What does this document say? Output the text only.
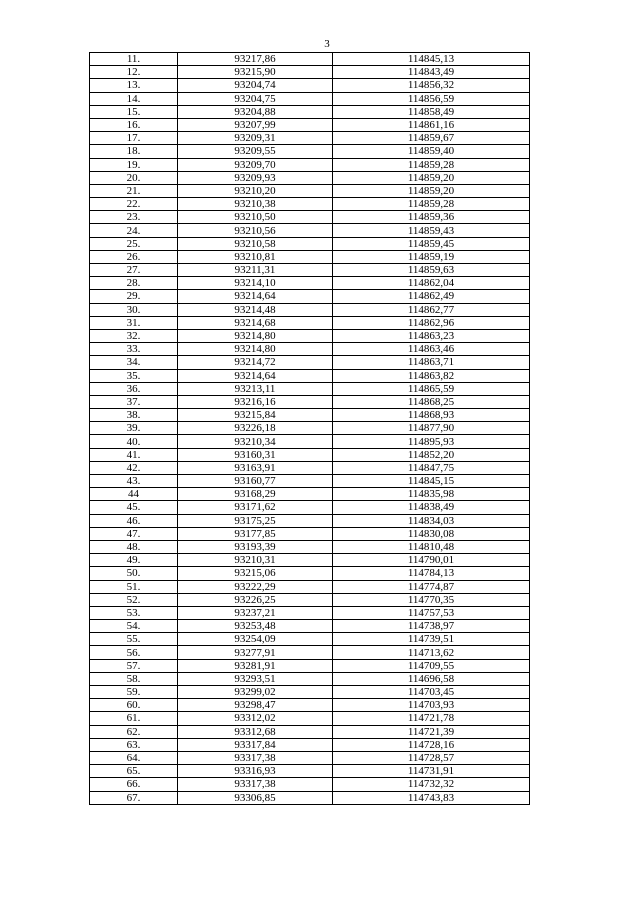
3
11.	93217,86	114845,13
12.	93215,90	114843,49
13.	93204,74	114856,32
14.	93204,75	114856,59
15.	93204,88	114858,49
16.	93207,99	114861,16
17.	93209,31	114859,67
18.	93209,55	114859,40
19.	93209,70	114859,28
20.	93209,93	114859,20
21.	93210,20	114859,20
22.	93210,38	114859,28
23.	93210,50	114859,36
24.	93210,56	114859,43
25.	93210,58	114859,45
26.	93210,81	114859,19
27.	93211,31	114859,63
28.	93214,10	114862,04
29.	93214,64	114862,49
30.	93214,48	114862,77
31.	93214,68	114862,96
32.	93214,80	114863,23
33.	93214,80	114863,46
34.	93214,72	114863,71
35.	93214,64	114863,82
36.	93213,11	114865,59
37.	93216,16	114868,25
38.	93215,84	114868,93
39.	93226,18	114877,90
40.	93210,34	114895,93
41.	93160,31	114852,20
42.	93163,91	114847,75
43.	93160,77	114845,15
44	93168,29	114835,98
45.	93171,62	114838,49
46.	93175,25	114834,03
47.	93177,85	114830,08
48.	93193,39	114810,48
49.	93210,31	114790,01
50.	93215,06	114784,13
51.	93222,29	114774,87
52.	93226,25	114770,35
53.	93237,21	114757,53
54.	93253,48	114738,97
55.	93254,09	114739,51
56.	93277,91	114713,62
57.	93281,91	114709,55
58.	93293,51	114696,58
59.	93299,02	114703,45
60.	93298,47	114703,93
61.	93312,02	114721,78
62.	93312,68	114721,39
63.	93317,84	114728,16
64.	93317,38	114728,57
65.	93316,93	114731,91
66.	93317,38	114732,32
67.	93306,85	114743,83
